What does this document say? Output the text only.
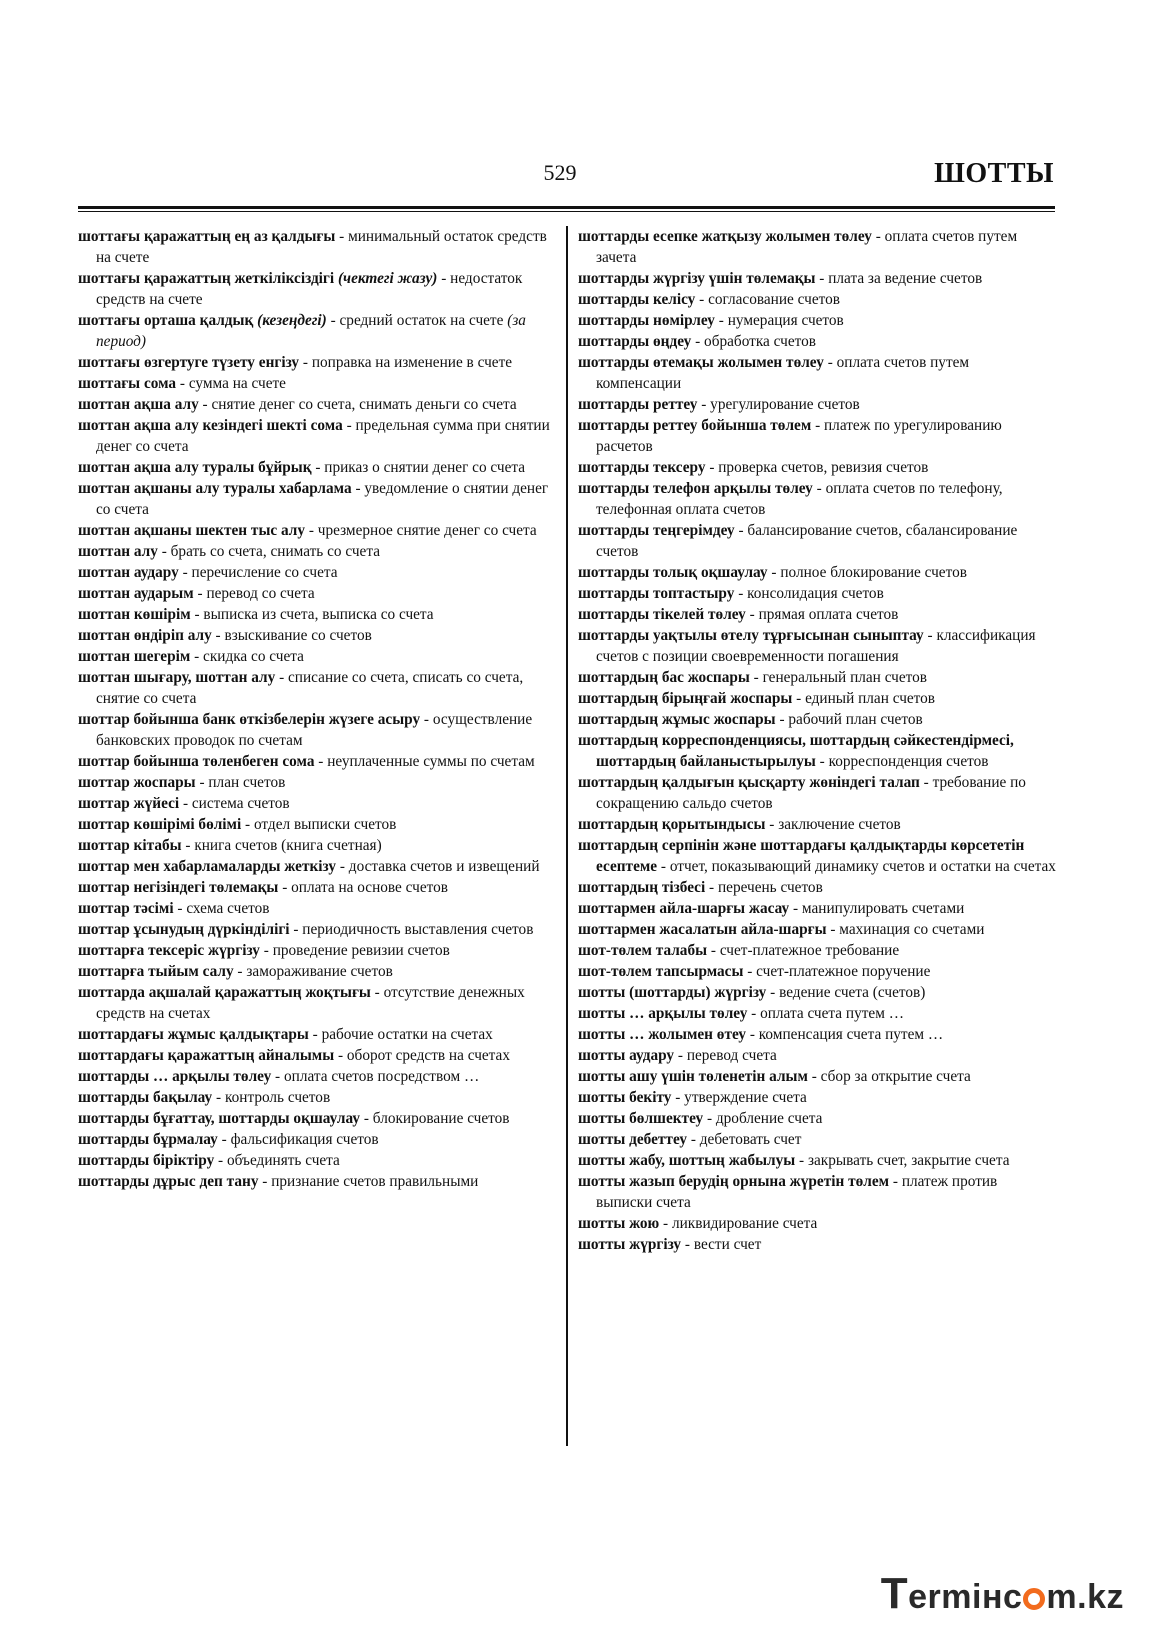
529	ШОТТЫ

шоттағы қаражаттың ең аз қалдығы - минимальный остаток средств на счете

шоттағы қаражаттың жеткіліксіздігі (чектегі жазу) - недостаток средств на счете

шоттағы орташа қалдық (кезеңдегі) - средний остаток на счете (за период)

шоттағы өзгертуге түзету енгізу - поправка на изменение в счете

шоттағы сома - сумма на счете

шоттан ақша алу - снятие денег со счета, снимать деньги со счета

шоттан ақша алу кезіндегі шекті сома - предельная сумма при снятии денег со счета

шоттан ақша алу туралы бұйрық - приказ о снятии денег со счета

шоттан ақшаны алу туралы хабарлама - уведомление о снятии денег со счета

шоттан ақшаны шектен тыс алу - чрезмерное снятие денег со счета

шоттан алу - брать со счета, снимать со счета

шоттан аудару - перечисление со счета

шоттан аударым - перевод со счета

шоттан көшірім - выписка из счета, выписка со счета

шоттан өндіріп алу - взыскивание со счетов

шоттан шегерім - скидка со счета

шоттан шығару, шоттан алу - списание со счета, списать со счета, снятие со счета

шоттар бойынша банк өткізбелерін жүзеге асыру - осуществление банковских проводок по счетам

шоттар бойынша төленбеген сома - неуплаченные суммы по счетам

шоттар жоспары - план счетов

шоттар жүйесі - система счетов

шоттар көшірімі бөлімі - отдел выписки счетов

шоттар кітабы - книга счетов (книга счетная)

шоттар мен хабарламаларды жеткізу - доставка счетов и извещений

шоттар негізіндегі төлемақы - оплата на основе счетов

шоттар тәсімі - схема счетов

шоттар ұсынудың дүркінділігі - периодичность выставления счетов

шоттарға тексеріс жүргізу - проведение ревизии счетов

шоттарға тыйым салу - замораживание счетов

шоттарда ақшалай қаражаттың жоқтығы - отсутствие денежных средств на счетах

шоттардағы жұмыс қалдықтары - рабочие остатки на счетах

шоттардағы қаражаттың айналымы - оборот средств на счетах

шоттарды … арқылы төлеу - оплата счетов посредством …

шоттарды бақылау - контроль счетов

шоттарды бұғаттау, шоттарды оқшаулау - блокирование счетов

шоттарды бұрмалау - фальсификация счетов

шоттарды біріктіру - объединять счета

шоттарды дұрыс деп тану - признание счетов правильными

шоттарды есепке жатқызу жолымен төлеу - оплата счетов путем зачета

шоттарды жүргізу үшін төлемақы - плата за ведение счетов

шоттарды келісу - согласование счетов

шоттарды нөмірлеу - нумерация счетов

шоттарды өңдеу - обработка счетов

шоттарды өтемақы жолымен төлеу - оплата счетов путем компенсации

шоттарды реттеу - урегулирование счетов

шоттарды реттеу бойынша төлем - платеж по урегулированию расчетов

шоттарды тексеру - проверка счетов, ревизия счетов

шоттарды телефон арқылы төлеу - оплата счетов по телефону, телефонная оплата счетов

шоттарды теңгерімдеу - балансирование счетов, сбалансирование счетов

шоттарды толық оқшаулау - полное блокирование счетов

шоттарды топтастыру - консолидация счетов

шоттарды тікелей төлеу - прямая оплата счетов

шоттарды уақтылы өтелу тұрғысынан сыныптау - классификация счетов с позиции своевременности погашения

шоттардың бас жоспары - генеральный план счетов

шоттардың бірыңғай жоспары - единый план счетов

шоттардың жұмыс жоспары - рабочий план счетов

шоттардың корреспонденциясы, шоттардың сәйкестендірмесі, шоттардың байланыстырылуы - корреспонденция счетов

шоттардың қалдығын қысқарту жөніндегі талап - требование по сокращению сальдо счетов

шоттардың қорытындысы - заключение счетов

шоттардың серпінін және шоттардағы қалдықтарды көрсететін есептеме - отчет, показывающий динамику счетов и остатки на счетах

шоттардың тізбесі - перечень счетов

шоттармен айла-шарғы жасау - манипулировать счетами

шоттармен жасалатын айла-шарғы - махинация со счетами

шот-төлем талабы - счет-платежное требование

шот-төлем тапсырмасы - счет-платежное поручение

шотты (шоттарды) жүргізу - ведение счета (счетов)

шотты … арқылы төлеу - оплата счета путем …

шотты … жолымен өтеу - компенсация счета путем …

шотты аудару - перевод счета

шотты ашу үшін төленетін алым - сбор за открытие счета

шотты бекіту - утверждение счета

шотты бөлшектеу - дробление счета

шотты дебеттеу - дебетовать счет

шотты жабу, шоттың жабылуы - закрывать счет, закрытие счета

шотты жазып берудің орнына жүретін төлем - платеж против выписки счета

шотты жою - ликвидирование счета

шотты жүргізу - вести счет

Termінc m.kz
